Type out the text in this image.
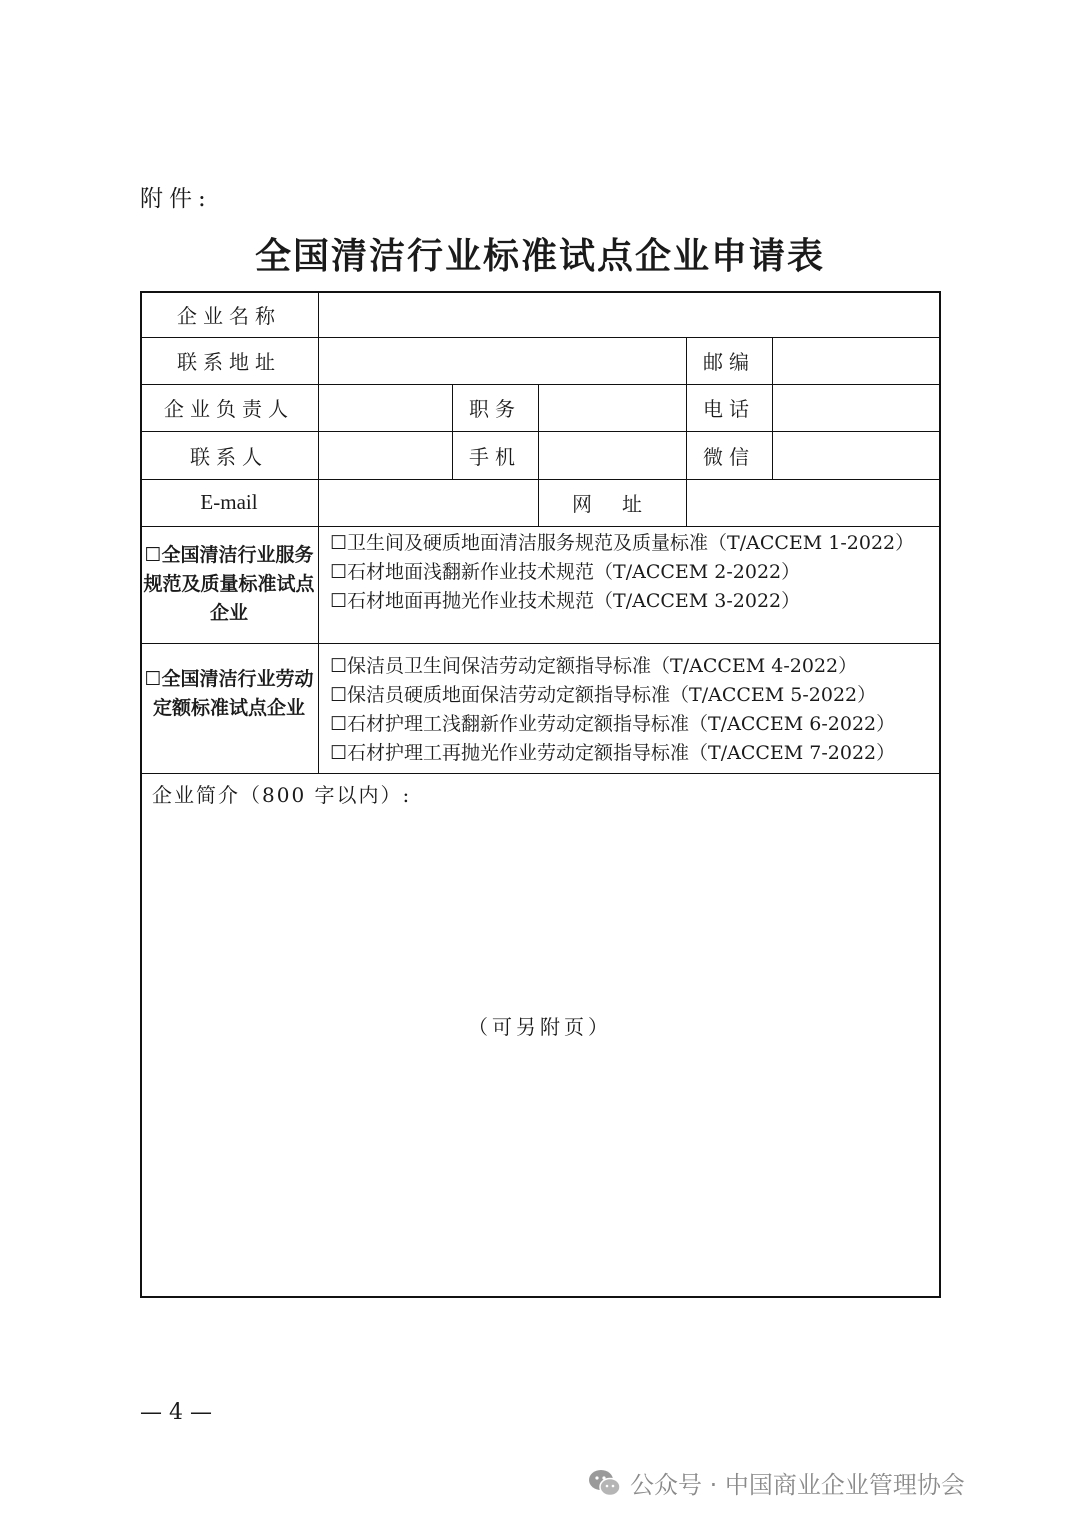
附件:
全国清洁行业标准试点企业申请表
企业名称
联系地址	邮编
企业负责人	职务	电话
联系人	手机	微信
E-mail	网址
☐全国清洁行业服务规范及质量标准试点企业
☐卫生间及硬质地面清洁服务规范及质量标准（T/ACCEM 1-2022）
☐石材地面浅翻新作业技术规范（T/ACCEM 2-2022）
☐石材地面再抛光作业技术规范（T/ACCEM 3-2022）
☐全国清洁行业劳动定额标准试点企业
☐保洁员卫生间保洁劳动定额指导标准（T/ACCEM 4-2022）
☐保洁员硬质地面保洁劳动定额指导标准（T/ACCEM 5-2022）
☐石材护理工浅翻新作业劳动定额指导标准（T/ACCEM 6-2022）
☐石材护理工再抛光作业劳动定额指导标准（T/ACCEM 7-2022）
企业简介（800 字以内）:
（可另附页）
— 4 —
公众号 · 中国商业企业管理协会
